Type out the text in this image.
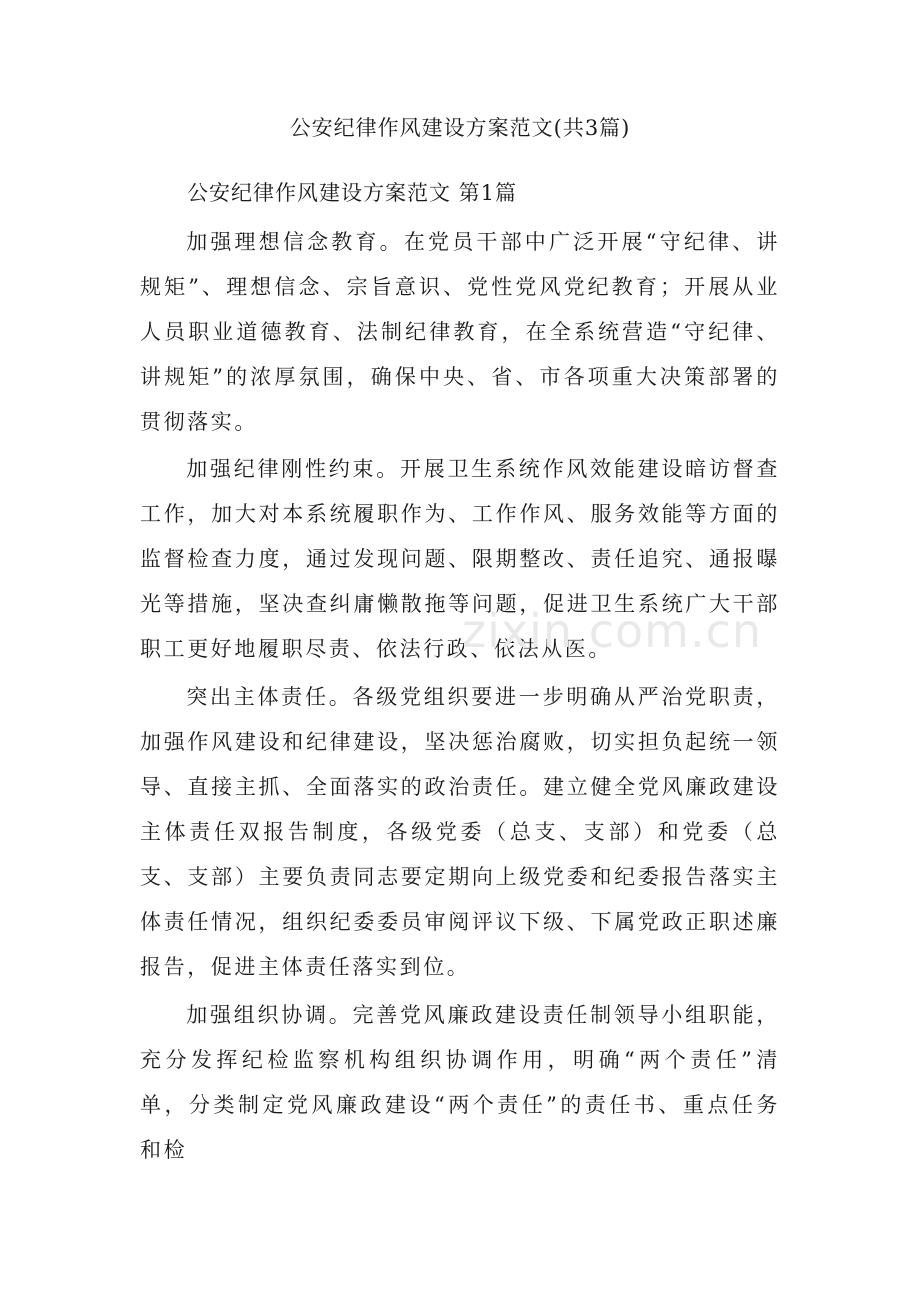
公安纪律作风建设方案范文(共3篇)
公安纪律作风建设方案范文 第1篇

加强理想信念教育。在党员干部中广泛开展“守纪律、讲规矩”、理想信念、宗旨意识、党性党风党纪教育；开展从业人员职业道德教育、法制纪律教育，在全系统营造“守纪律、讲规矩”的浓厚氛围，确保中央、省、市各项重大决策部署的贯彻落实。

加强纪律刚性约束。开展卫生系统作风效能建设暗访督查工作，加大对本系统履职作为、工作作风、服务效能等方面的监督检查力度，通过发现问题、限期整改、责任追究、通报曝光等措施，坚决查纠庸懒散拖等问题，促进卫生系统广大干部职工更好地履职尽责、依法行政、依法从医。

突出主体责任。各级党组织要进一步明确从严治党职责，加强作风建设和纪律建设，坚决惩治腐败，切实担负起统一领导、直接主抓、全面落实的政治责任。建立健全党风廉政建设主体责任双报告制度，各级党委（总支、支部）和党委（总支、支部）主要负责同志要定期向上级党委和纪委报告落实主体责任情况，组织纪委委员审阅评议下级、下属党政正职述廉报告，促进主体责任落实到位。

加强组织协调。完善党风廉政建设责任制领导小组职能，充分发挥纪检监察机构组织协调作用，明确“两个责任”清单，分类制定党风廉政建设“两个责任”的责任书、重点任务和检

zixin.com.cn
